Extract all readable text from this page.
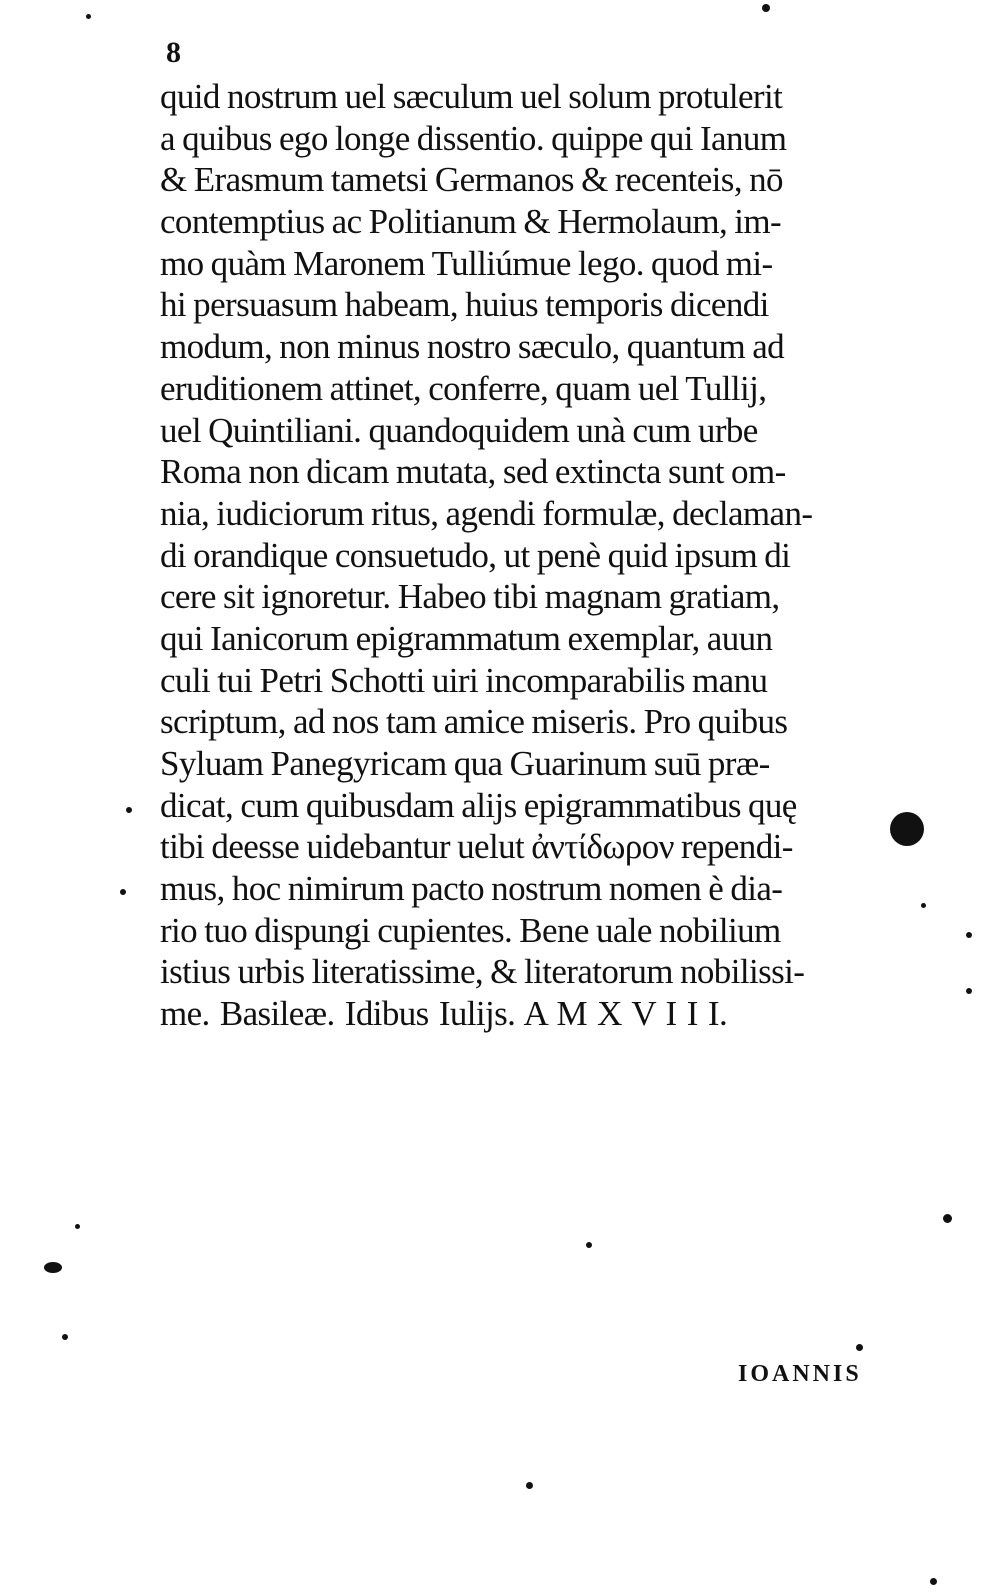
8
quid nostrum uel sæculum uel solum protulerit
a quibus ego longe dissentio. quippe qui Ianum
& Erasmum tametsi Germanos & recenteis, nō
contemptius ac Politianum & Hermolaum, im-
mo quàm Maronem Tulliúmue lego. quod mi-
hi persuasum habeam, huius temporis dicendi
modum, non minus nostro sæculo, quantum ad
eruditionem attinet, conferre, quam uel Tullij,
uel Quintiliani. quandoquidem unà cum urbe
Roma non dicam mutata, sed extincta sunt om-
nia, iudiciorum ritus, agendi formulæ, declaman-
di orandique consuetudo, ut penè quid ipsum di
cere sit ignoretur. Habeo tibi magnam gratiam,
qui Ianicorum epigrammatum exemplar, auun
culi tui Petri Schotti uiri incomparabilis manu
scriptum, ad nos tam amice miseris. Pro quibus
Syluam Panegyricam qua Guarinum suū præ-
dicat, cum quibusdam alijs epigrammatibus quę
tibi deesse uidebantur uelut ἀντίδωρον rependi-
mus, hoc nimirum pacto nostrum nomen è dia-
rio tuo dispungi cupientes. Bene uale nobilium
istius urbis literatissime, & literatorum nobilissi-
me. Basileæ. Idibus Iulijs. A M X V I I I.
IOANNIS
